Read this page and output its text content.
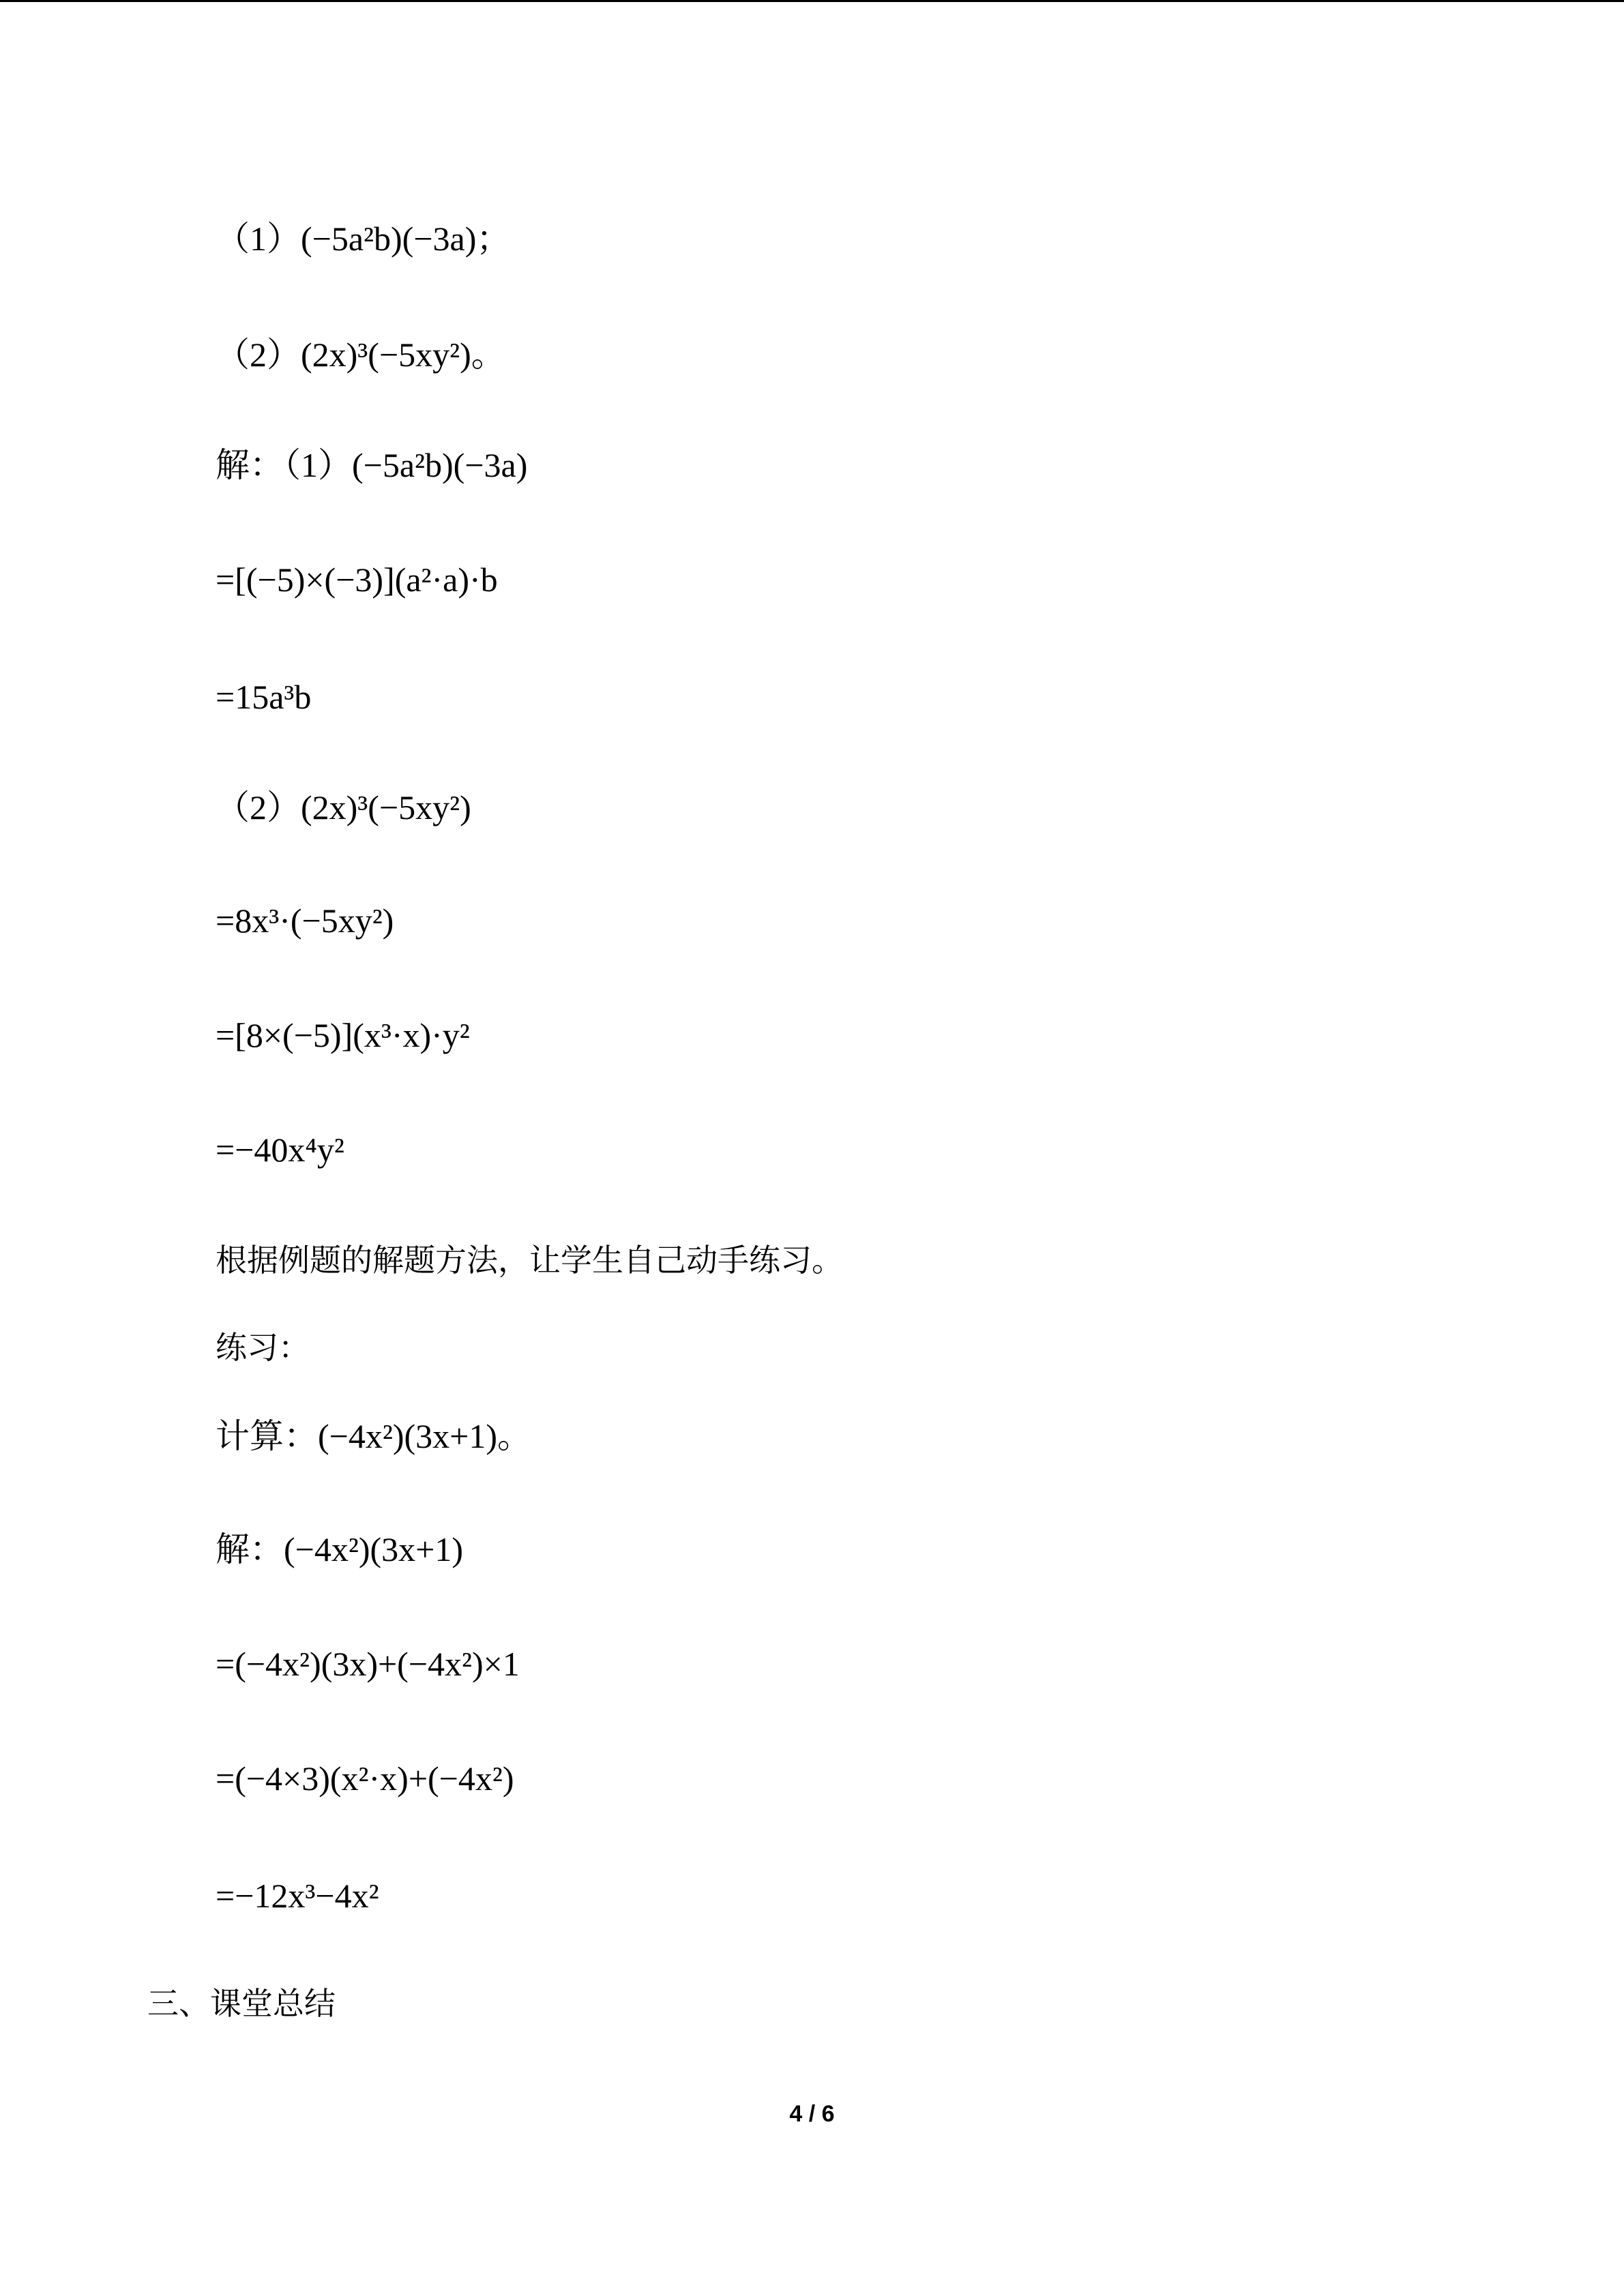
（1）(−5a²b)(−3a)；
（2）(2x)³(−5xy²)。
解：（1）(−5a²b)(−3a)
=[(−5)×(−3)](a²·a)·b
=15a³b
（2）(2x)³(−5xy²)
=8x³·(−5xy²)
=[8×(−5)](x³·x)·y²
=−40x⁴y²
根据例题的解题方法，让学生自己动手练习。
练习：
计算：(−4x²)(3x+1)。
解：(−4x²)(3x+1)
=(−4x²)(3x)+(−4x²)×1
=(−4×3)(x²·x)+(−4x²)
=−12x³−4x²
三、课堂总结
4 / 6
